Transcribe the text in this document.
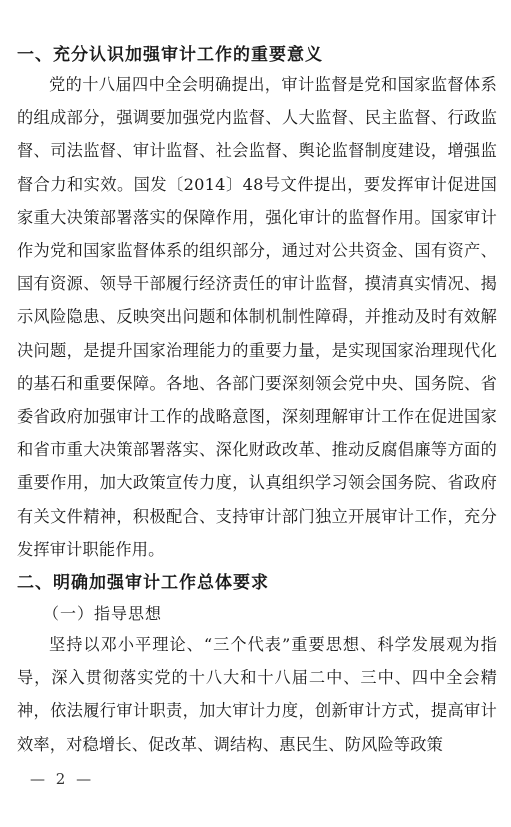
一、充分认识加强审计工作的重要意义

党的十八届四中全会明确提出，审计监督是党和国家监督体系的组成部分，强调要加强党内监督、人大监督、民主监督、行政监督、司法监督、审计监督、社会监督、舆论监督制度建设，增强监督合力和实效。国发〔2014〕48号文件提出，要发挥审计促进国家重大决策部署落实的保障作用，强化审计的监督作用。国家审计作为党和国家监督体系的组织部分，通过对公共资金、国有资产、国有资源、领导干部履行经济责任的审计监督，摸清真实情况、揭示风险隐患、反映突出问题和体制机制性障碍，并推动及时有效解决问题，是提升国家治理能力的重要力量，是实现国家治理现代化的基石和重要保障。各地、各部门要深刻领会党中央、国务院、省委省政府加强审计工作的战略意图，深刻理解审计工作在促进国家和省市重大决策部署落实、深化财政改革、推动反腐倡廉等方面的重要作用，加大政策宣传力度，认真组织学习领会国务院、省政府有关文件精神，积极配合、支持审计部门独立开展审计工作，充分发挥审计职能作用。

二、明确加强审计工作总体要求
（一）指导思想

坚持以邓小平理论、“三个代表”重要思想、科学发展观为指导，深入贯彻落实党的十八大和十八届二中、三中、四中全会精神，依法履行审计职责，加大审计力度，创新审计方式，提高审计效率，对稳增长、促改革、调结构、惠民生、防风险等政策

— 2 —
